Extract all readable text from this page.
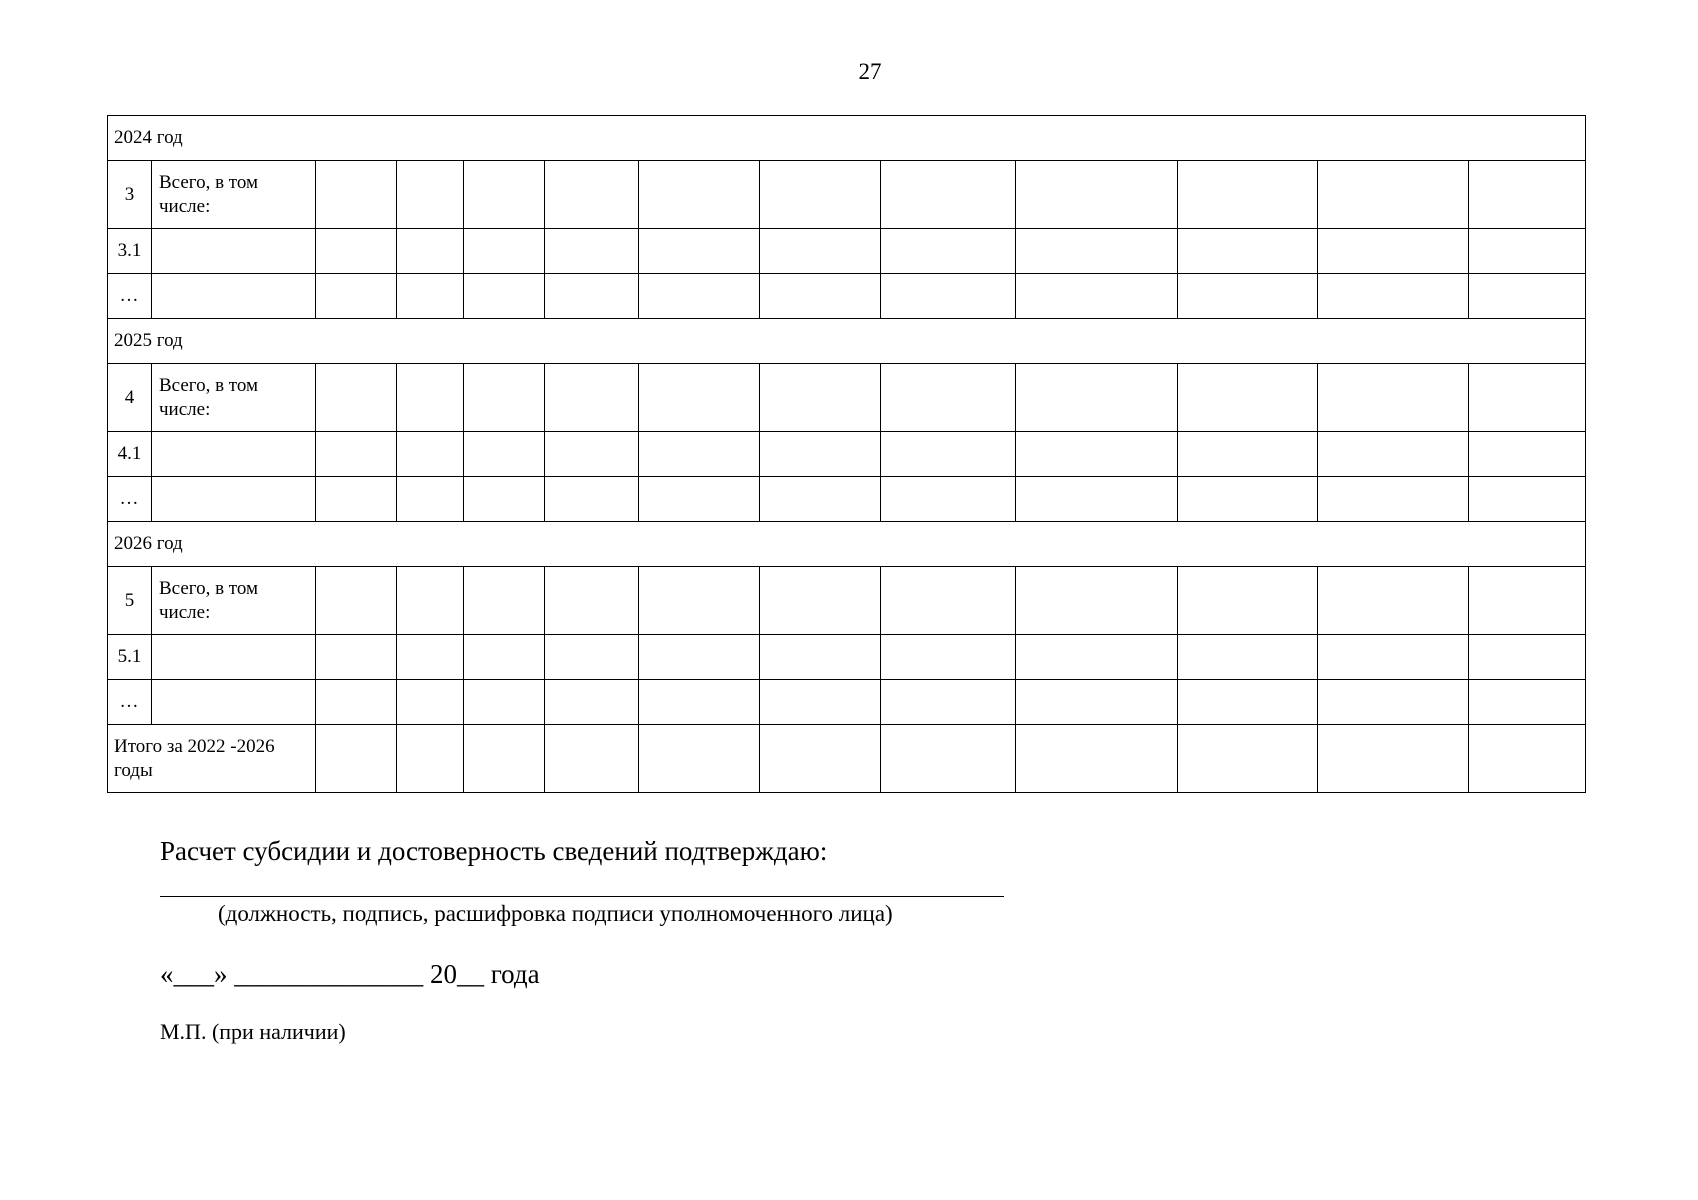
27
2024 год												
3	Всего, в том числе:											
3.1												
…												
2025 год												
4	Всего, в том числе:											
4.1												
…												
2026 год												
5	Всего, в том числе:											
5.1												
…												
Итого за 2022 -2026 годы												
Расчет субсидии и достоверность сведений подтверждаю:
(должность, подпись, расшифровка подписи уполномоченного лица)
«___» ______________ 20__ года
М.П. (при наличии)
